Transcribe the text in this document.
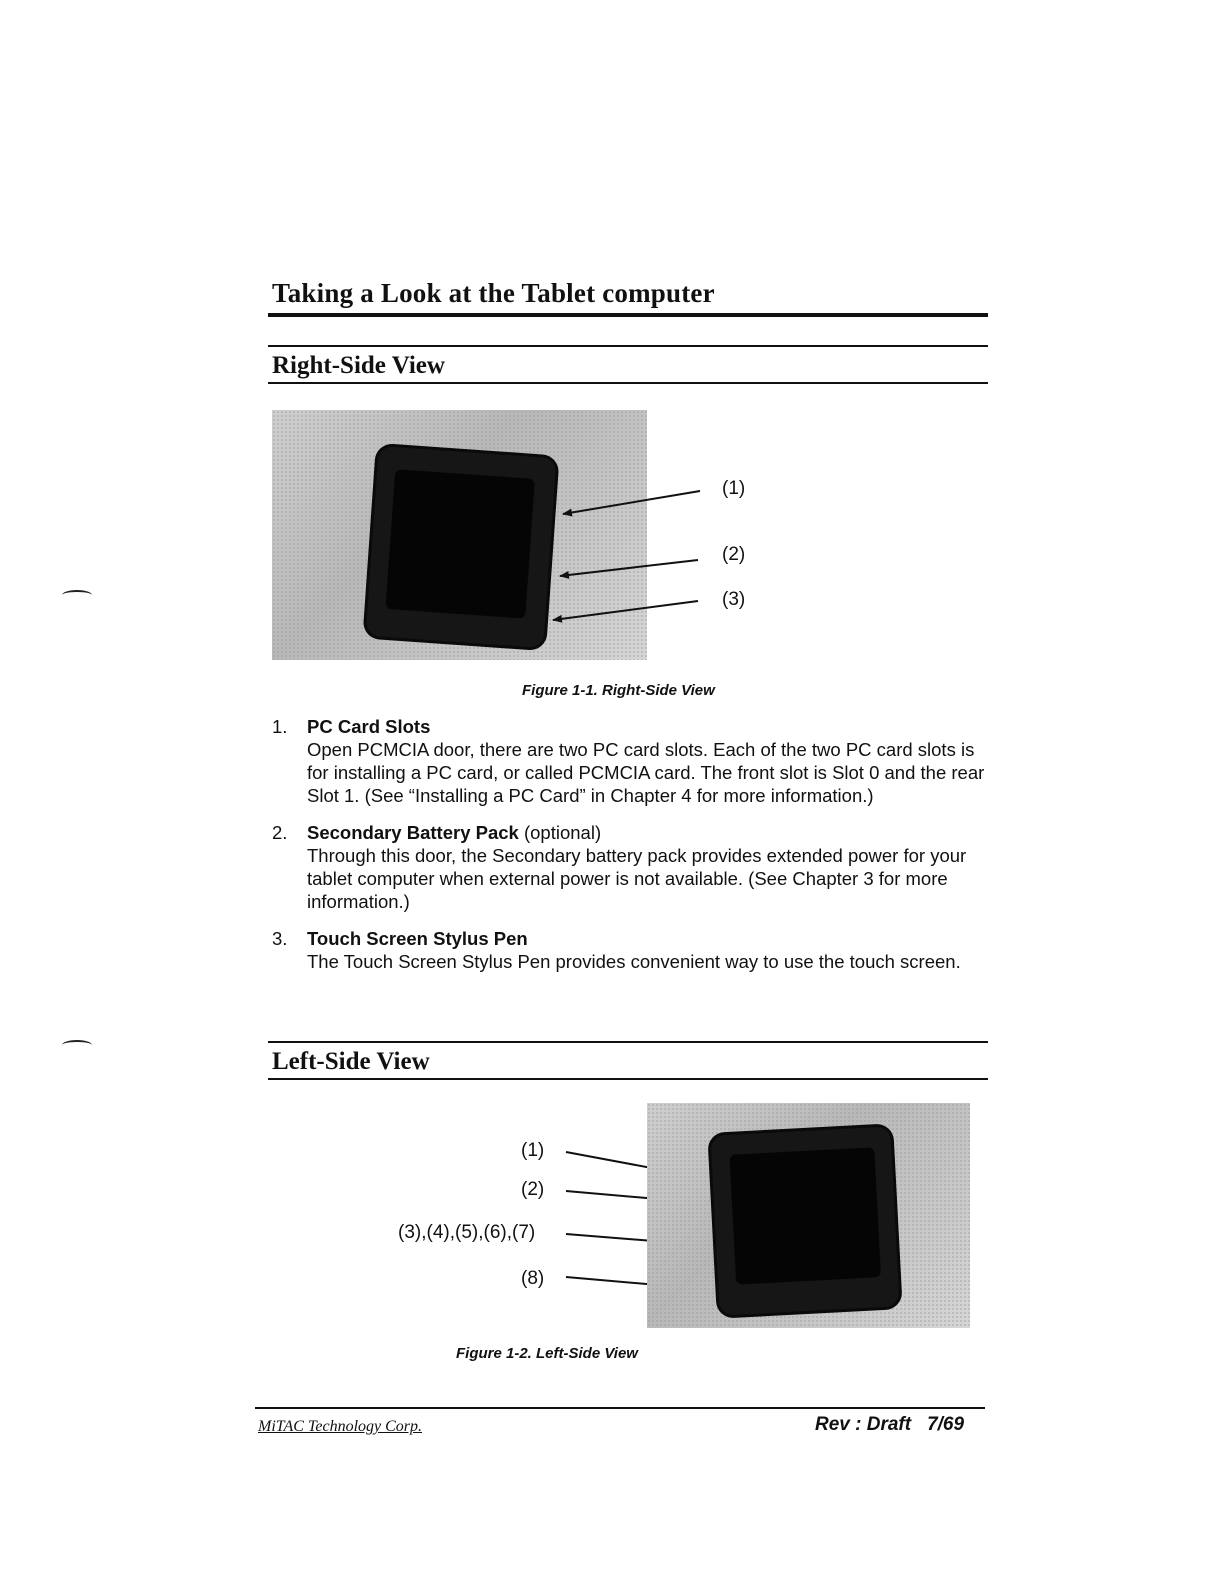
Taking a Look at the Tablet computer
Right-Side View
(1)
(2)
(3)
Figure 1-1. Right-Side View
1. PC Card Slots
Open PCMCIA door, there are two PC card slots. Each of the two PC card slots is for installing a PC card, or called PCMCIA card. The front slot is Slot 0 and the rear Slot 1. (See “Installing a PC Card” in Chapter 4 for more information.)
2. Secondary Battery Pack (optional)
Through this door, the Secondary battery pack provides extended power for your tablet computer when external power is not available. (See Chapter 3 for more information.)
3. Touch Screen Stylus Pen
The Touch Screen Stylus Pen provides convenient way to use the touch screen.
Left-Side View
(1)
(2)
(3),(4),(5),(6),(7)
(8)
Figure 1-2. Left-Side View
MiTAC Technology Corp.	Rev : Draft 7/69
